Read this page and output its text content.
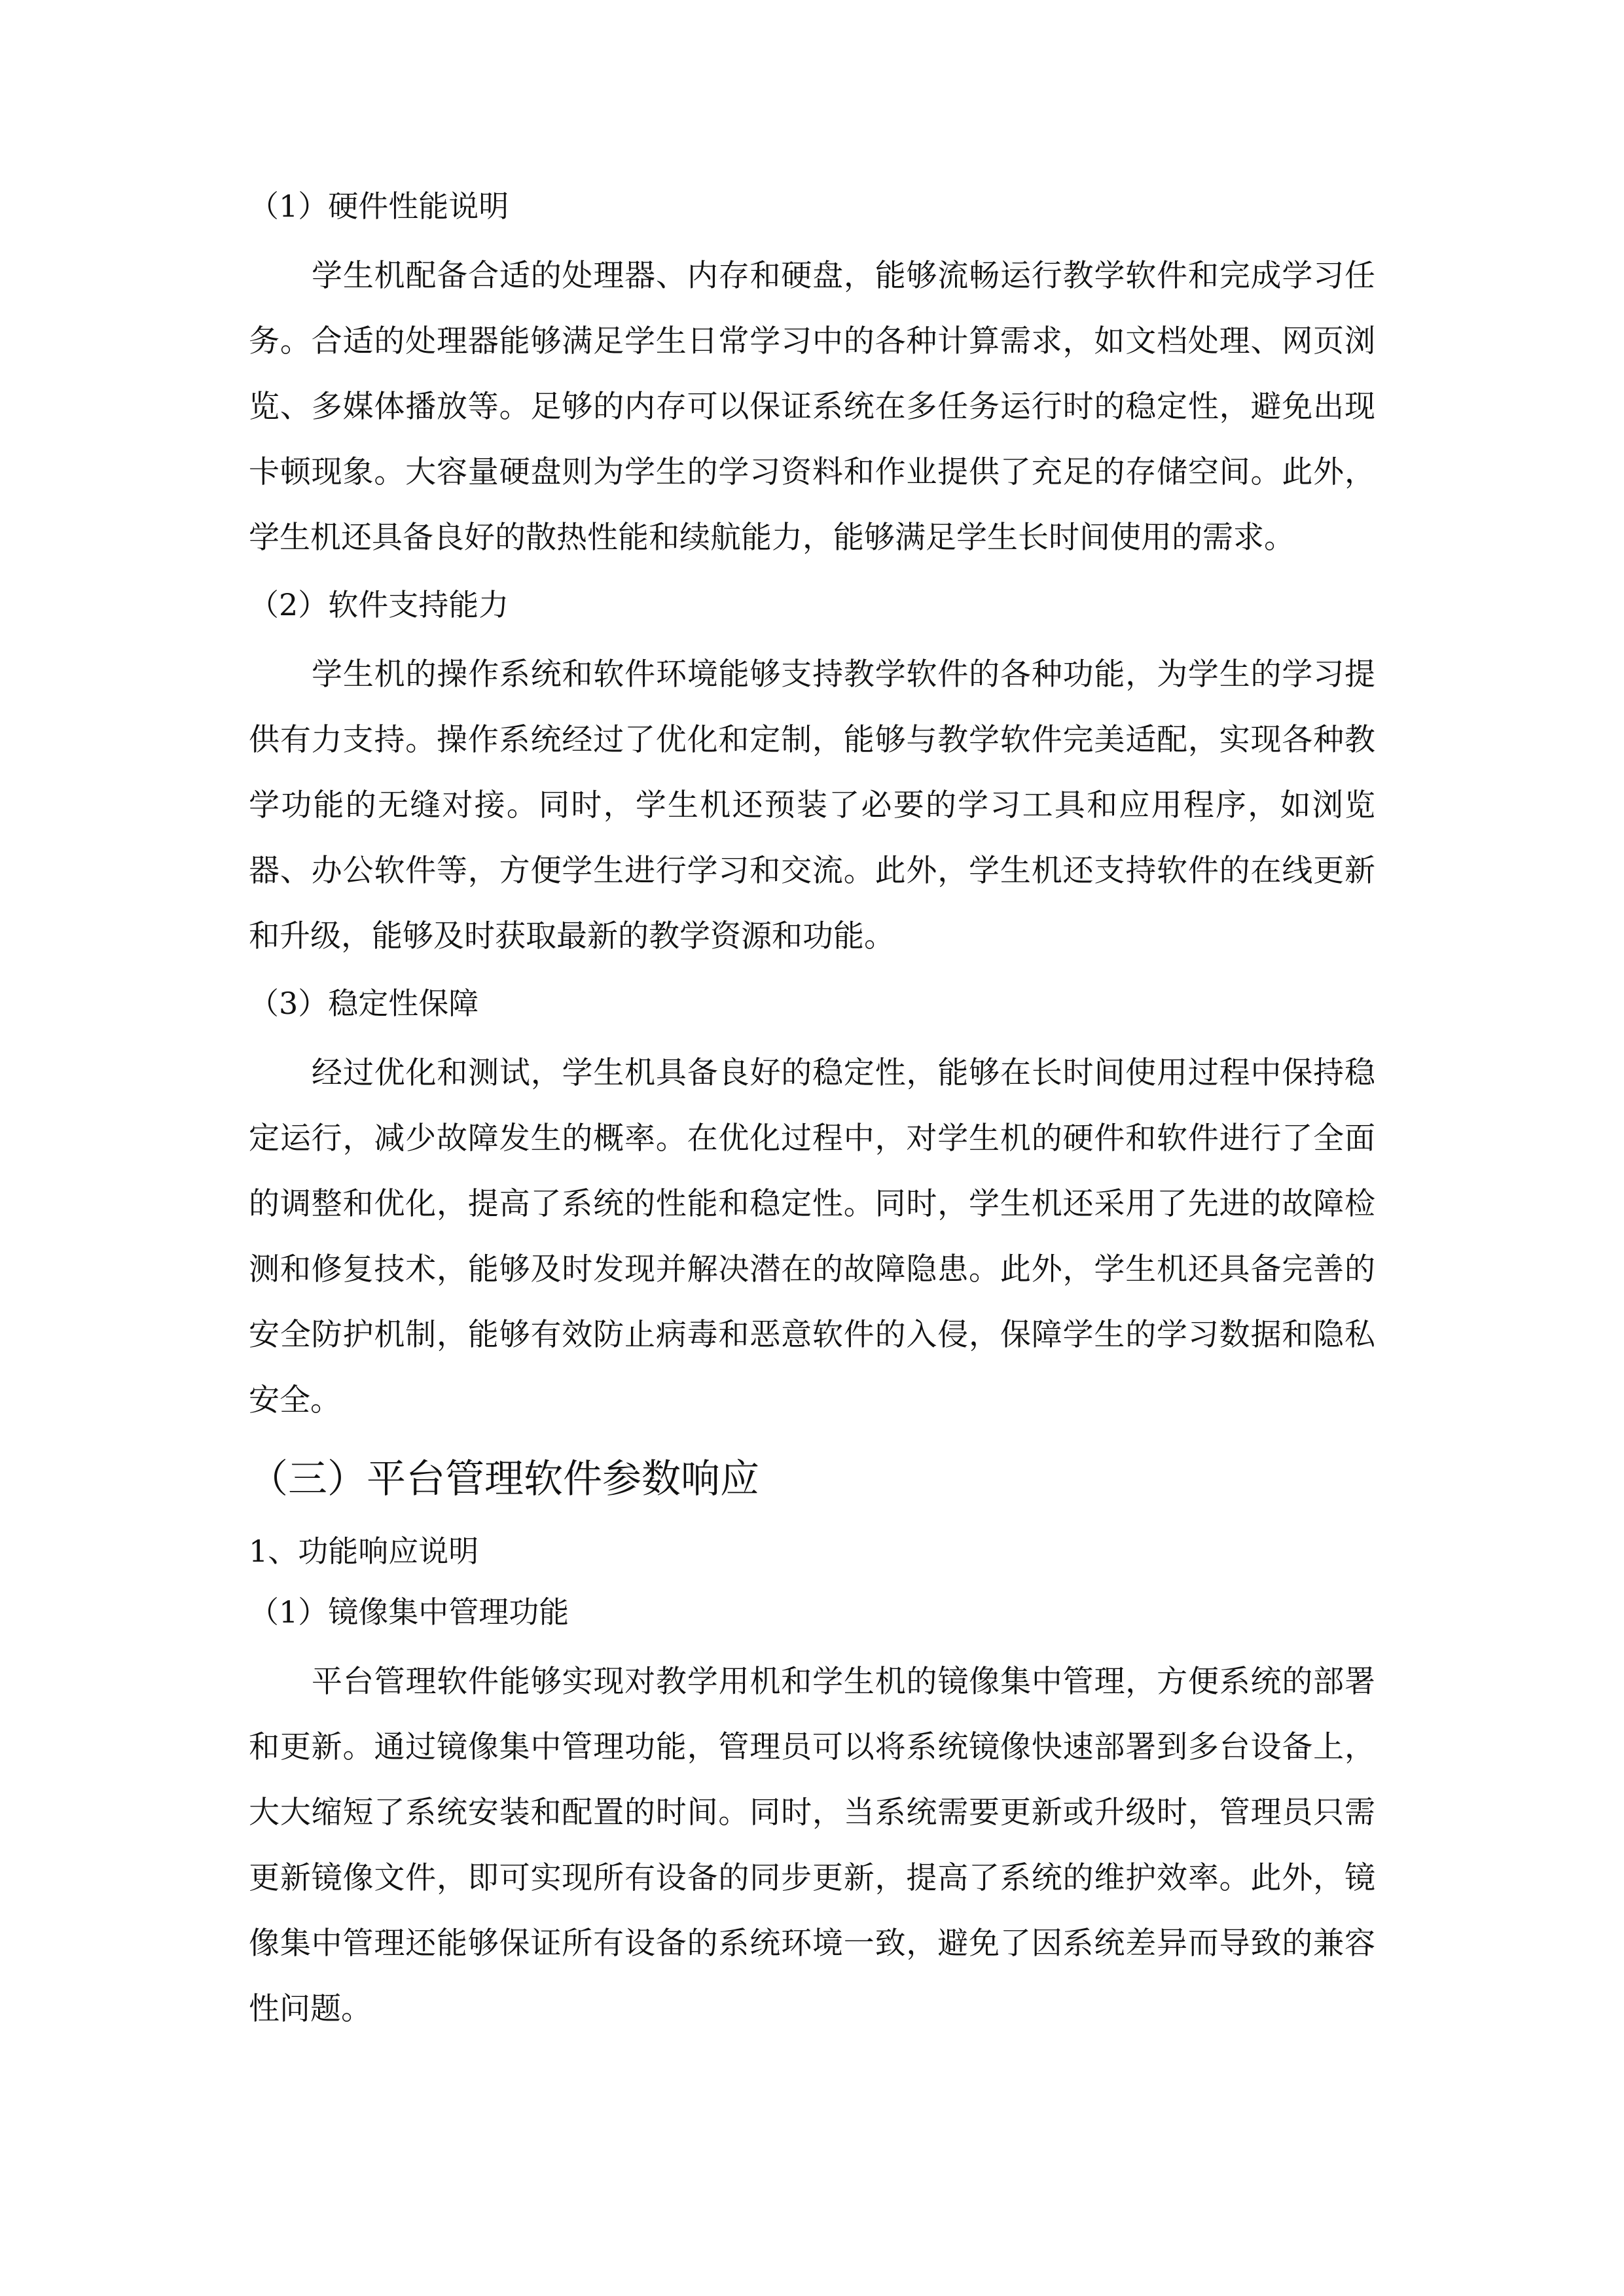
（1）硬件性能说明

学生机配备合适的处理器、内存和硬盘，能够流畅运行教学软件和完成学习任务。合适的处理器能够满足学生日常学习中的各种计算需求，如文档处理、网页浏览、多媒体播放等。足够的内存可以保证系统在多任务运行时的稳定性，避免出现卡顿现象。大容量硬盘则为学生的学习资料和作业提供了充足的存储空间。此外，学生机还具备良好的散热性能和续航能力，能够满足学生长时间使用的需求。

（2）软件支持能力

学生机的操作系统和软件环境能够支持教学软件的各种功能，为学生的学习提供有力支持。操作系统经过了优化和定制，能够与教学软件完美适配，实现各种教学功能的无缝对接。同时，学生机还预装了必要的学习工具和应用程序，如浏览器、办公软件等，方便学生进行学习和交流。此外，学生机还支持软件的在线更新和升级，能够及时获取最新的教学资源和功能。

（3）稳定性保障

经过优化和测试，学生机具备良好的稳定性，能够在长时间使用过程中保持稳定运行，减少故障发生的概率。在优化过程中，对学生机的硬件和软件进行了全面的调整和优化，提高了系统的性能和稳定性。同时，学生机还采用了先进的故障检测和修复技术，能够及时发现并解决潜在的故障隐患。此外，学生机还具备完善的安全防护机制，能够有效防止病毒和恶意软件的入侵，保障学生的学习数据和隐私安全。

（三）平台管理软件参数响应
1、功能响应说明
（1）镜像集中管理功能

平台管理软件能够实现对教学用机和学生机的镜像集中管理，方便系统的部署和更新。通过镜像集中管理功能，管理员可以将系统镜像快速部署到多台设备上，大大缩短了系统安装和配置的时间。同时，当系统需要更新或升级时，管理员只需更新镜像文件，即可实现所有设备的同步更新，提高了系统的维护效率。此外，镜像集中管理还能够保证所有设备的系统环境一致，避免了因系统差异而导致的兼容性问题。
